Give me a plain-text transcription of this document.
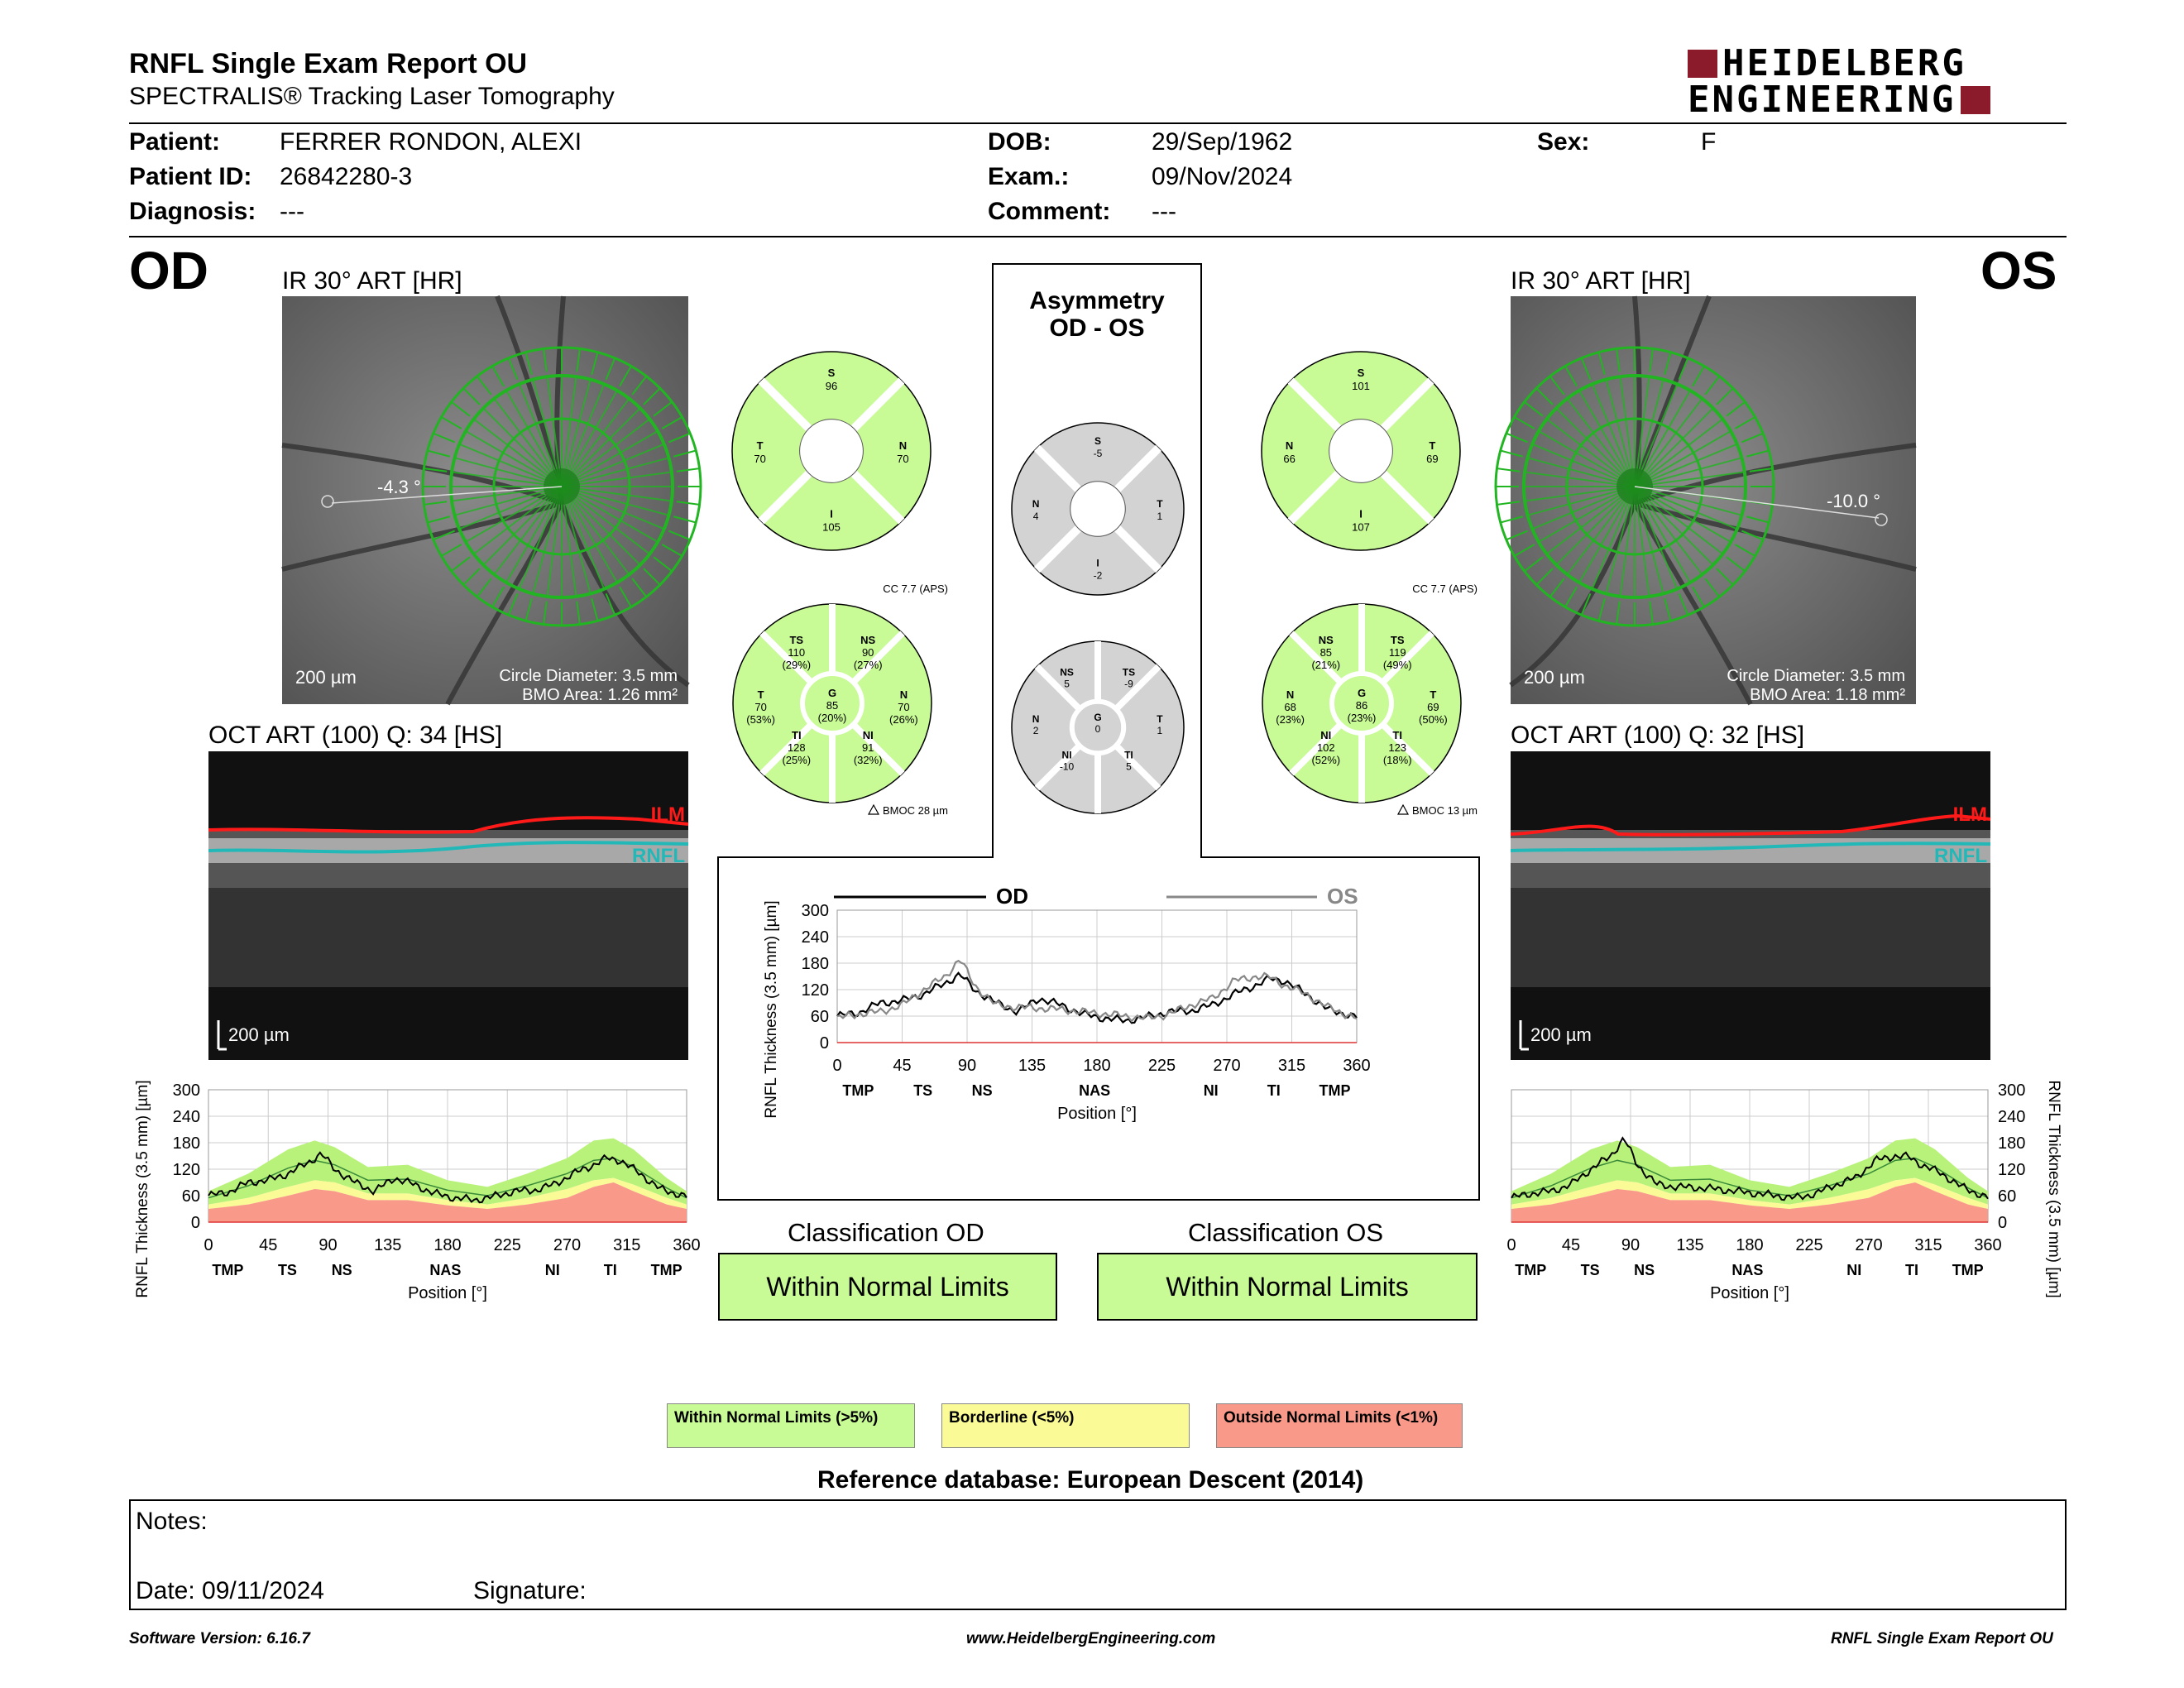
RNFL Single Exam Report OU
SPECTRALIS® Tracking Laser Tomography
HEIDELBERG
ENGINEERING
Patient: FERRER RONDON, ALEXI
Patient ID: 26842280-3
Diagnosis: ---
DOB:	29/Sep/1962
Exam.:	09/Nov/2024
Comment: ---
Sex:	F
OD	OS
IR 30° ART [HR]
-4.3 °
200 µm	Circle Diameter: 3.5 mm
BMO Area: 1.26 mm²
IR 30° ART [HR]
-10.0 °
200 µm	Circle Diameter: 3.5 mm
BMO Area: 1.18 mm²
OCT ART (100) Q: 34 [HS]
ILM
RNFL
200 µm
OCT ART (100) Q: 32 [HS]
ILM
RNFL
200 µm
Asymmetry
OD - OS
S
96
T
70
N
70
I
105
TS
110
(29%)
NS
90
(27%)
T
70
(53%)
G
85
(20%)
N
70
(26%)
TI
128
(25%)
NI
91
(32%)
CC 7.7 (APS)
BMOC 28 µm
S
-5
N
4
T
1
I
-2
NS
5
TS
-9
N
2
G
0
T
1
NI
-10
TI
5
S
101
N
66
T
69
I
107
NS
85
(21%)
TS
119
(49%)
N
68
(23%)
G
86
(23%)
T
69
(50%)
NI
102
(52%)
TI
123
(18%)
CC 7.7 (APS)
BMOC 13 µm
300
240
180
120
60
0
0	45	90 135 180 225 270 315 360
TMP TS NS	NAS	NI	TI TMP
Position [°]
RNFL Thickness (3.5 mm) [µm]	300
240
180
120
60
0
0	45 90 135 180 225 270 315 360
TMP TS NS	NAS	NI	TI TMP
Position [°]	RNFL Thickness (3.5 mm) [µm]
300
240
180
120
60
0
0	45	90	135 180 225 270 315 360
TMP	TS	NS	NAS	NI	TI	TMP
Position [°]
RNFL Thickness (3.5 mm) [µm]
OD	OS
Classification OD
Within Normal Limits
Classification OS
Within Normal Limits
Within Normal Limits (>5%)	Borderline (<5%)	Outside Normal Limits (<1%)
Reference database: European Descent (2014)
Notes:
Date: 09/11/2024	Signature:
Software Version: 6.16.7	www.HeidelbergEngineering.com	RNFL Single Exam Report OU
